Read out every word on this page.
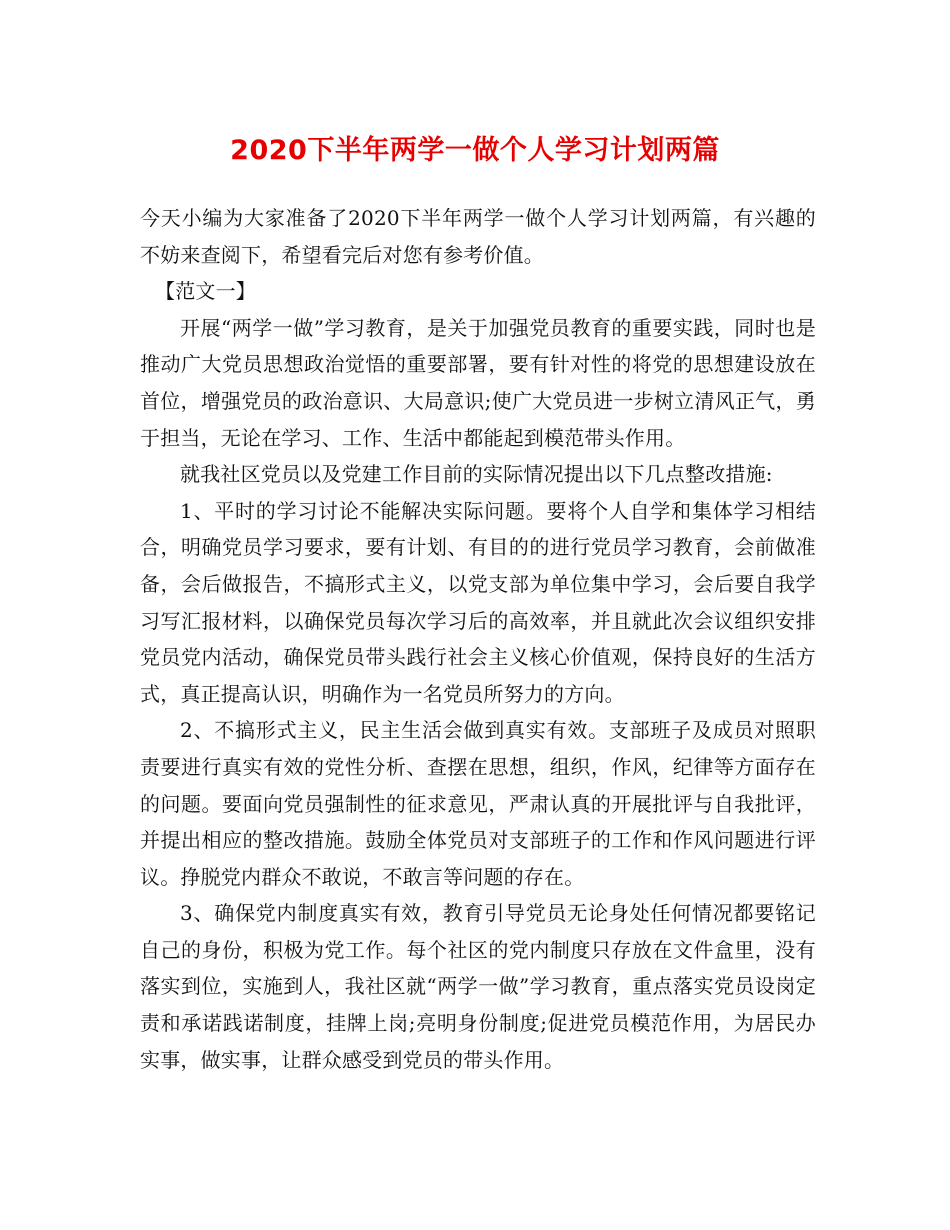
2020下半年两学一做个人学习计划两篇

今天小编为大家准备了2020下半年两学一做个人学习计划两篇，有兴趣的不妨来查阅下，希望看完后对您有参考价值。

【范文一】

开展“两学一做”学习教育，是关于加强党员教育的重要实践，同时也是推动广大党员思想政治觉悟的重要部署，要有针对性的将党的思想建设放在首位，增强党员的政治意识、大局意识;使广大党员进一步树立清风正气，勇于担当，无论在学习、工作、生活中都能起到模范带头作用。

就我社区党员以及党建工作目前的实际情况提出以下几点整改措施:

1、平时的学习讨论不能解决实际问题。要将个人自学和集体学习相结合，明确党员学习要求，要有计划、有目的的进行党员学习教育，会前做准备，会后做报告，不搞形式主义，以党支部为单位集中学习，会后要自我学习写汇报材料，以确保党员每次学习后的高效率，并且就此次会议组织安排党员党内活动，确保党员带头践行社会主义核心价值观，保持良好的生活方式，真正提高认识，明确作为一名党员所努力的方向。

2、不搞形式主义，民主生活会做到真实有效。支部班子及成员对照职责要进行真实有效的党性分析、查摆在思想，组织，作风，纪律等方面存在的问题。要面向党员强制性的征求意见，严肃认真的开展批评与自我批评，并提出相应的整改措施。鼓励全体党员对支部班子的工作和作风问题进行评议。挣脱党内群众不敢说，不敢言等问题的存在。

3、确保党内制度真实有效，教育引导党员无论身处任何情况都要铭记自己的身份，积极为党工作。每个社区的党内制度只存放在文件盒里，没有落实到位，实施到人，我社区就“两学一做”学习教育，重点落实党员设岗定责和承诺践诺制度，挂牌上岗;亮明身份制度;促进党员模范作用，为居民办实事，做实事，让群众感受到党员的带头作用。
